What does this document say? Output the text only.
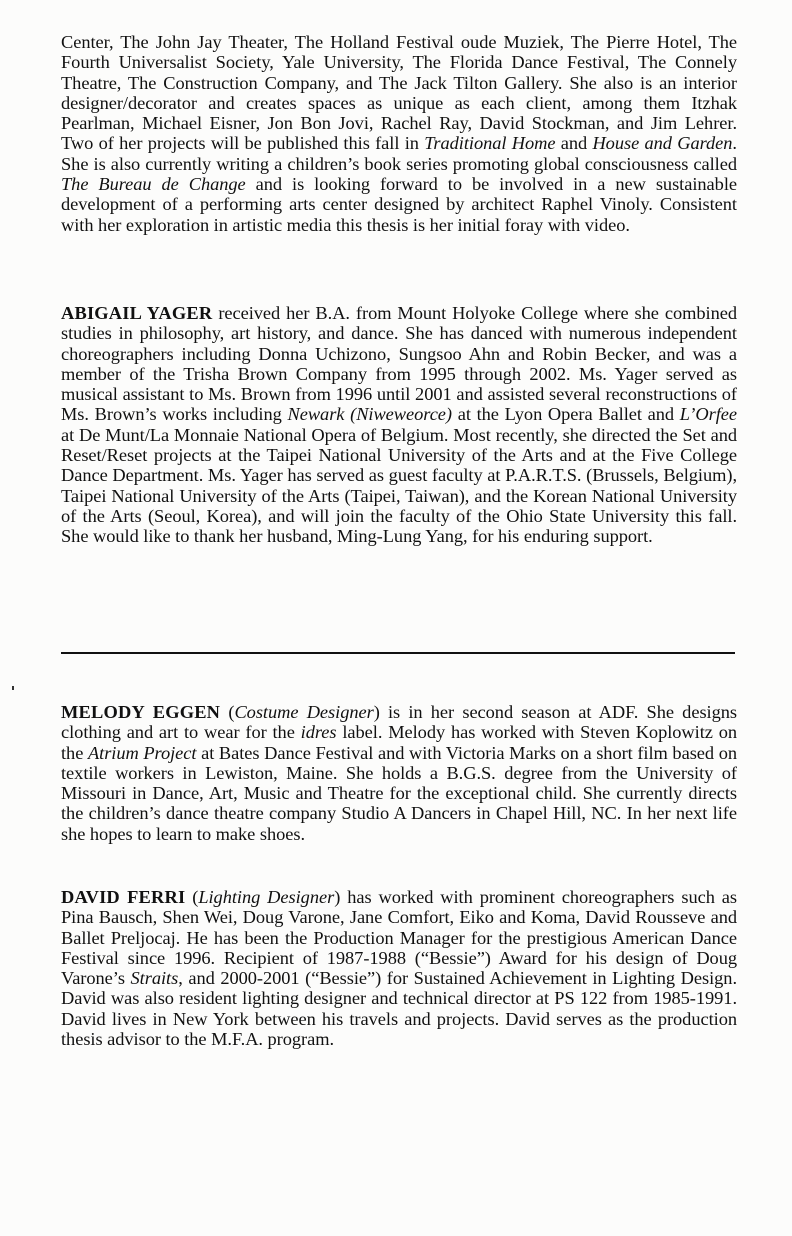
Center, The John Jay Theater, The Holland Festival oude Muziek, The Pierre Hotel, The Fourth Universalist Society, Yale University, The Florida Dance Festival, The Connely Theatre, The Construction Company, and The Jack Tilton Gallery. She also is an interior designer/decorator and creates spaces as unique as each client, among them Itzhak Pearlman, Michael Eisner, Jon Bon Jovi, Rachel Ray, David Stockman, and Jim Lehrer. Two of her projects will be published this fall in Traditional Home and House and Garden. She is also currently writing a children’s book series promoting global consciousness called The Bureau de Change and is looking forward to be involved in a new sustainable development of a performing arts center designed by architect Raphel Vinoly. Consistent with her exploration in artistic media this thesis is her initial foray with video.

ABIGAIL YAGER received her B.A. from Mount Holyoke College where she combined studies in philosophy, art history, and dance. She has danced with numerous independent choreographers including Donna Uchizono, Sungsoo Ahn and Robin Becker, and was a member of the Trisha Brown Company from 1995 through 2002. Ms. Yager served as musical assistant to Ms. Brown from 1996 until 2001 and assisted several reconstructions of Ms. Brown’s works including Newark (Niweweorce) at the Lyon Opera Ballet and L’Orfee at De Munt/La Monnaie National Opera of Belgium. Most recently, she directed the Set and Reset/Reset projects at the Taipei National University of the Arts and at the Five College Dance Department. Ms. Yager has served as guest faculty at P.A.R.T.S. (Brussels, Belgium), Taipei National University of the Arts (Taipei, Taiwan), and the Korean National University of the Arts (Seoul, Korea), and will join the faculty of the Ohio State University this fall. She would like to thank her husband, Ming-Lung Yang, for his enduring support.

MELODY EGGEN (Costume Designer) is in her second season at ADF. She designs clothing and art to wear for the idres label. Melody has worked with Steven Koplowitz on the Atrium Project at Bates Dance Festival and with Victoria Marks on a short film based on textile workers in Lewiston, Maine. She holds a B.G.S. degree from the University of Missouri in Dance, Art, Music and Theatre for the exceptional child. She currently directs the children’s dance theatre company Studio A Dancers in Chapel Hill, NC. In her next life she hopes to learn to make shoes.

DAVID FERRI (Lighting Designer) has worked with prominent choreographers such as Pina Bausch, Shen Wei, Doug Varone, Jane Comfort, Eiko and Koma, David Rousseve and Ballet Preljocaj. He has been the Production Manager for the prestigious American Dance Festival since 1996. Recipient of 1987-1988 (“Bessie”) Award for his design of Doug Varone’s Straits, and 2000-2001 (“Bessie”) for Sustained Achievement in Lighting Design. David was also resident lighting designer and technical director at PS 122 from 1985-1991. David lives in New York between his travels and projects. David serves as the production thesis advisor to the M.F.A. program.
